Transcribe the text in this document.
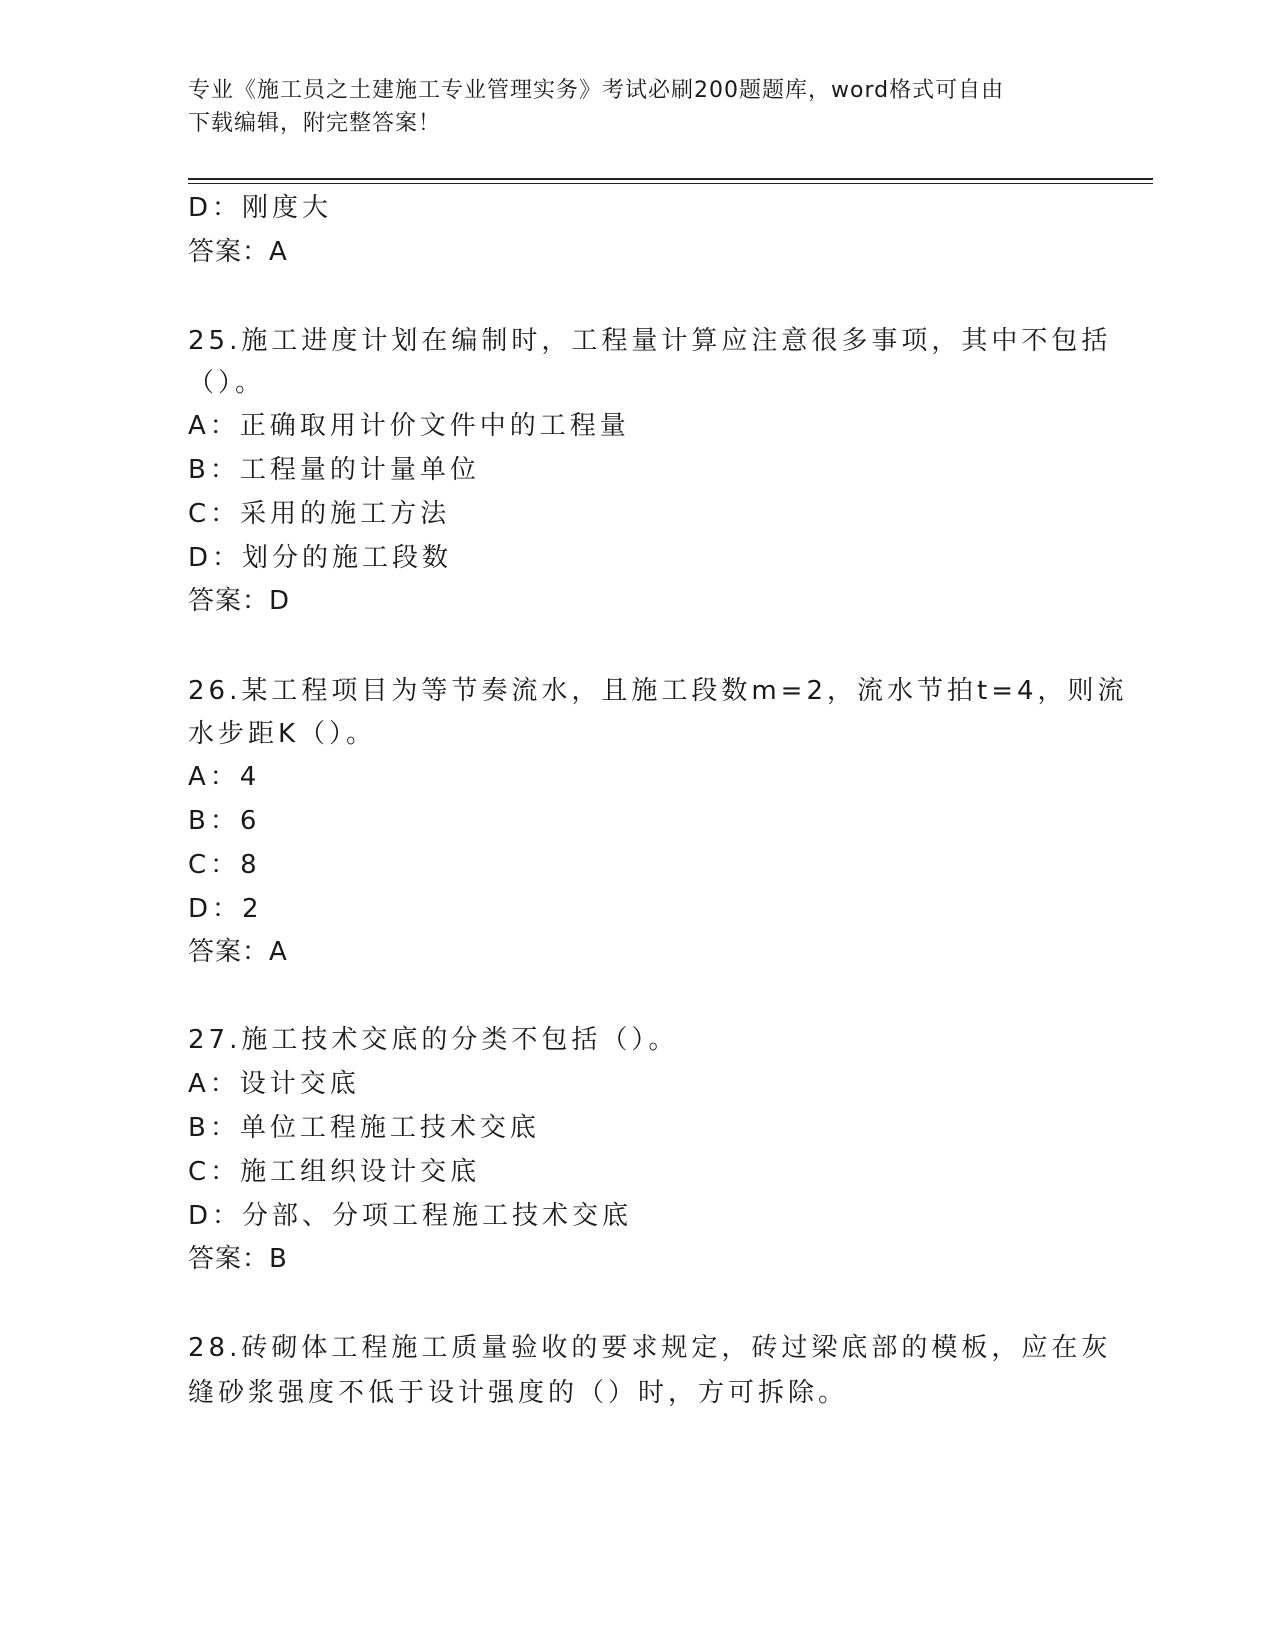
专业《施工员之土建施工专业管理实务》考试必刷200题题库，word格式可自由
下载编辑，附完整答案！
D：刚度大
答案：A
25.施工进度计划在编制时，工程量计算应注意很多事项，其中不包括
（）。
A：正确取用计价文件中的工程量
B：工程量的计量单位
C：采用的施工方法
D：划分的施工段数
答案：D
26.某工程项目为等节奏流水，且施工段数m=2，流水节拍t=4，则流
水步距K（）。
A：4
B：6
C：8
D：2
答案：A
27.施工技术交底的分类不包括（）。
A：设计交底
B：单位工程施工技术交底
C：施工组织设计交底
D：分部、分项工程施工技术交底
答案：B
28.砖砌体工程施工质量验收的要求规定，砖过梁底部的模板，应在灰
缝砂浆强度不低于设计强度的（）时，方可拆除。
